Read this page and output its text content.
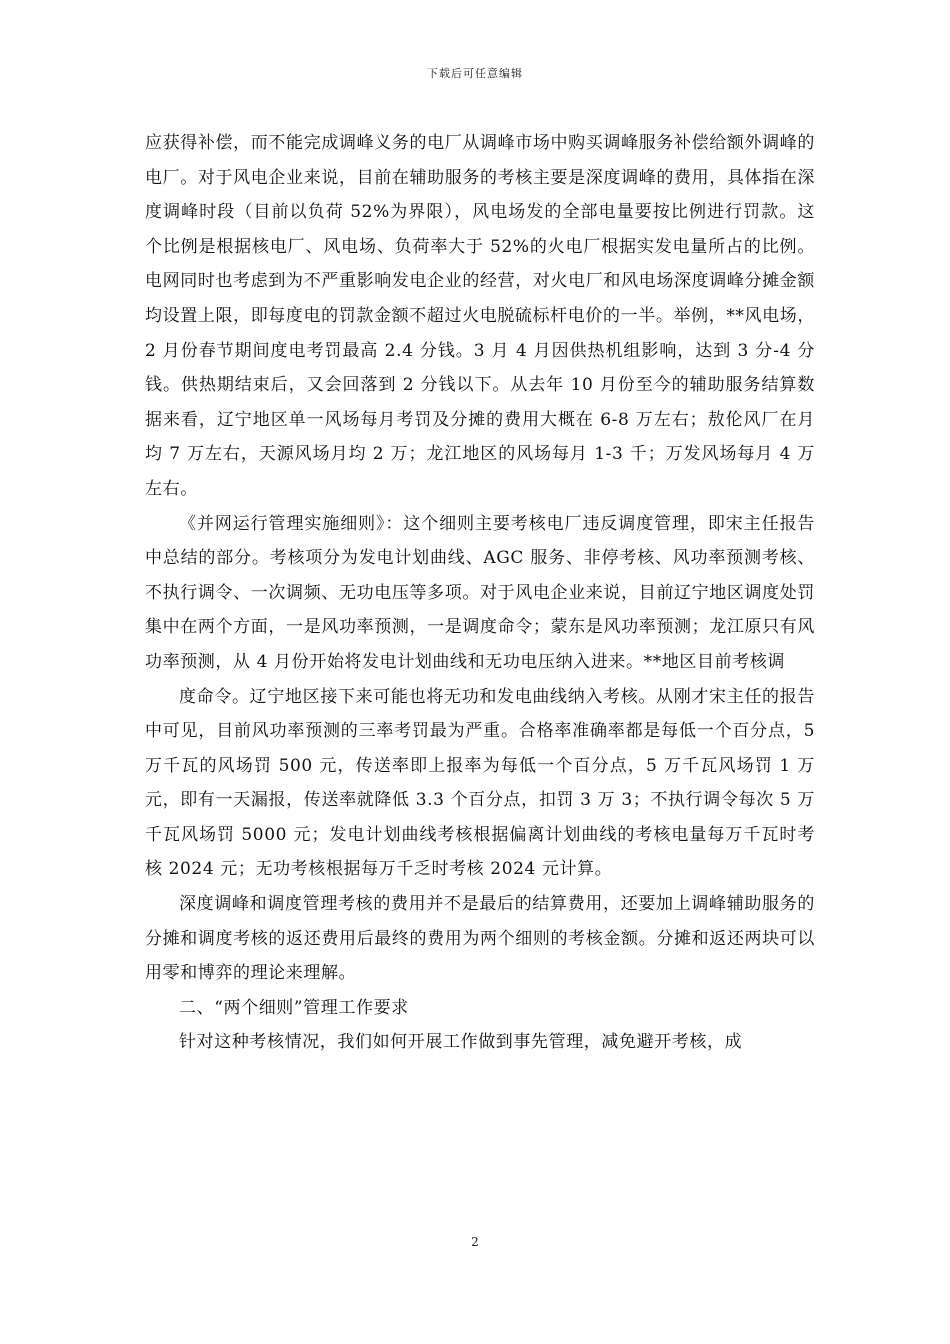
下载后可任意编辑

应获得补偿，而不能完成调峰义务的电厂从调峰市场中购买调峰服务补偿给额外调峰的电厂。对于风电企业来说，目前在辅助服务的考核主要是深度调峰的费用，具体指在深度调峰时段（目前以负荷 52%为界限），风电场发的全部电量要按比例进行罚款。这个比例是根据核电厂、风电场、负荷率大于 52%的火电厂根据实发电量所占的比例。电网同时也考虑到为不严重影响发电企业的经营，对火电厂和风电场深度调峰分摊金额均设置上限，即每度电的罚款金额不超过火电脱硫标杆电价的一半。举例，**风电场，2 月份春节期间度电考罚最高 2.4 分钱。3 月 4 月因供热机组影响，达到 3 分-4 分钱。供热期结束后，又会回落到 2 分钱以下。从去年 10 月份至今的辅助服务结算数据来看，辽宁地区单一风场每月考罚及分摊的费用大概在 6-8 万左右；敖伦风厂在月均 7 万左右，天源风场月均 2 万；龙江地区的风场每月 1-3 千；万发风场每月 4 万左右。

《并网运行管理实施细则》：这个细则主要考核电厂违反调度管理，即宋主任报告中总结的部分。考核项分为发电计划曲线、AGC 服务、非停考核、风功率预测考核、不执行调令、一次调频、无功电压等多项。对于风电企业来说，目前辽宁地区调度处罚集中在两个方面，一是风功率预测，一是调度命令；蒙东是风功率预测；龙江原只有风功率预测，从 4 月份开始将发电计划曲线和无功电压纳入进来。**地区目前考核调

度命令。辽宁地区接下来可能也将无功和发电曲线纳入考核。从刚才宋主任的报告中可见，目前风功率预测的三率考罚最为严重。合格率准确率都是每低一个百分点，5 万千瓦的风场罚 500 元，传送率即上报率为每低一个百分点，5 万千瓦风场罚 1 万元，即有一天漏报，传送率就降低 3.3 个百分点，扣罚 3 万 3；不执行调令每次 5 万千瓦风场罚 5000 元；发电计划曲线考核根据偏离计划曲线的考核电量每万千瓦时考核 2024 元；无功考核根据每万千乏时考核 2024 元计算。

深度调峰和调度管理考核的费用并不是最后的结算费用，还要加上调峰辅助服务的分摊和调度考核的返还费用后最终的费用为两个细则的考核金额。分摊和返还两块可以用零和博弈的理论来理解。

二、“两个细则”管理工作要求

针对这种考核情况，我们如何开展工作做到事先管理，减免避开考核，成

2
